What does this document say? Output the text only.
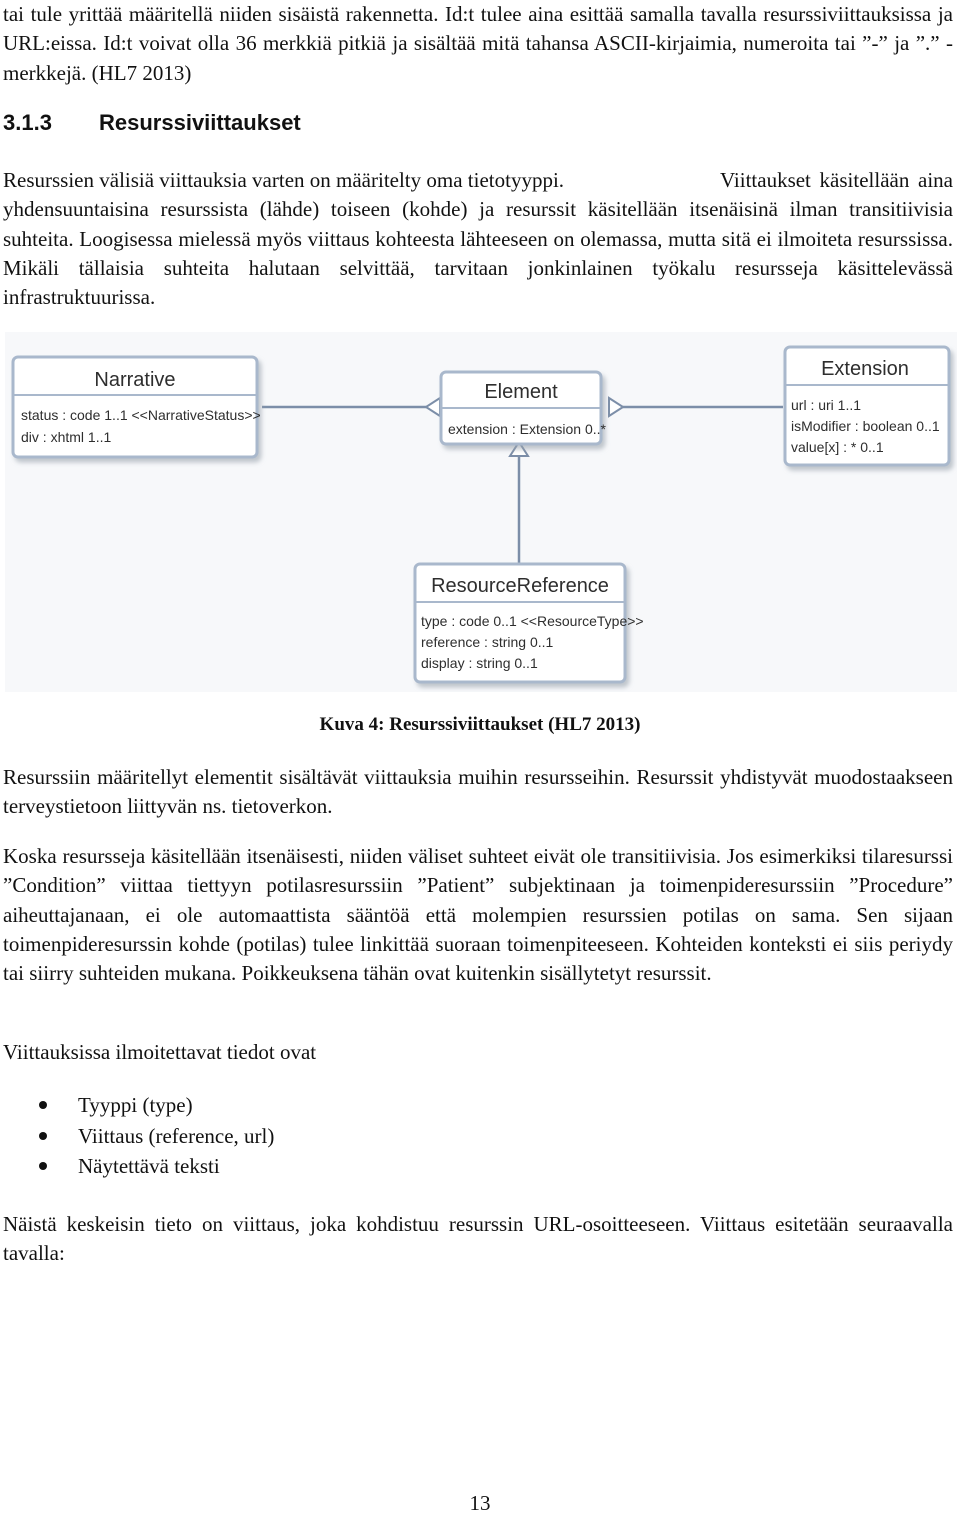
tai tule yrittää määritellä niiden sisäistä rakennetta. Id:t tulee aina esittää samalla tavalla resurssiviittauksissa ja URL:eissa. Id:t voivat olla 36 merkkiä pitkiä ja sisältää mitä tahansa ASCII-kirjaimia, numeroita tai ”-” ja ”.” -merkkejä. (HL7 2013)

3.1.3 Resurssiviittaukset

Resurssien välisiä viittauksia varten on määritelty oma tietotyyppi.	Viittaukset käsitellään aina yhdensuuntaisina resurssista (lähde) toiseen (kohde) ja resurssit käsitellään itsenäisinä ilman transitiivisia suhteita. Loogisessa mielessä myös viittaus kohteesta lähteeseen on olemassa, mutta sitä ei ilmoiteta resurssissa. Mikäli tällaisia suhteita halutaan selvittää, tarvitaan jonkinlainen työkalu resursseja käsittelevässä infrastruktuurissa.

Narrative
status : code 1..1 <<NarrativeStatus>>
div : xhtml 1..1
Element
extension : Extension 0..*
Extension
url : uri 1..1
isModifier : boolean 0..1
value[x] : * 0..1
ResourceReference
type : code 0..1 <<ResourceType>>
reference : string 0..1
display : string 0..1

Kuva 4: Resurssiviittaukset (HL7 2013)

Resurssiin määritellyt elementit sisältävät viittauksia muihin resursseihin. Resurssit yhdistyvät muodostaakseen terveystietoon liittyvän ns. tietoverkon.

Koska resursseja käsitellään itsenäisesti, niiden väliset suhteet eivät ole transitiivisia. Jos esimerkiksi tilaresurssi ”Condition” viittaa tiettyyn potilasresurssiin ”Patient” subjektinaan ja toimenpideresurssiin ”Procedure” aiheuttajanaan, ei ole automaattista sääntöä että molempien resurssien potilas on sama. Sen sijaan toimenpideresurssin kohde (potilas) tulee linkittää suoraan toimenpiteeseen. Kohteiden konteksti ei siis periydy tai siirry suhteiden mukana. Poikkeuksena tähän ovat kuitenkin sisällytetyt resurssit.

Viittauksissa ilmoitettavat tiedot ovat

Tyyppi (type)
Viittaus (reference, url)
Näytettävä teksti

Näistä keskeisin tieto on viittaus, joka kohdistuu resurssin URL-osoitteeseen. Viittaus esitetään seuraavalla tavalla:

13
